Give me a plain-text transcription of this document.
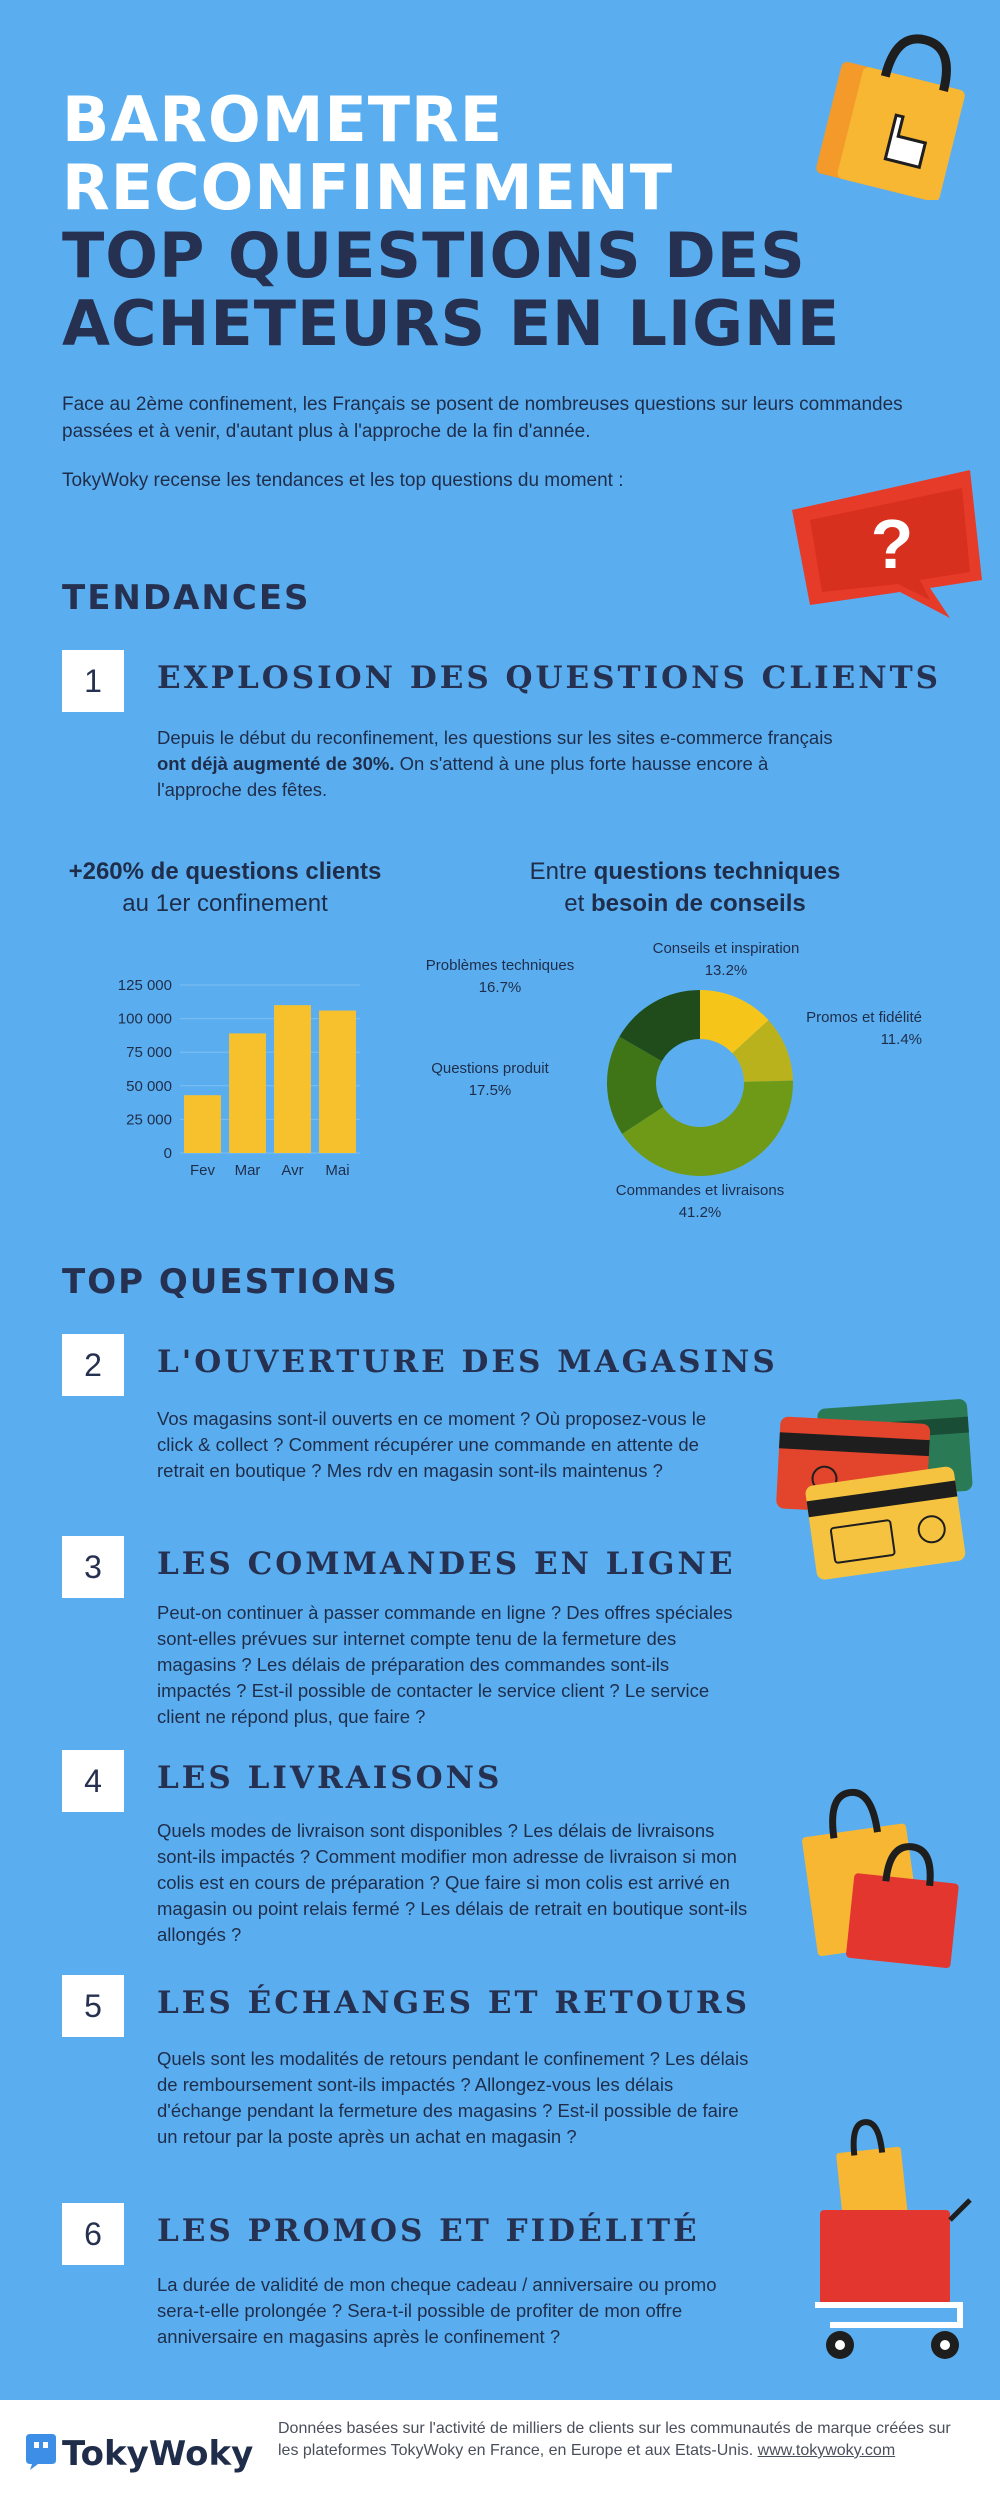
BAROMETRE
RECONFINEMENT
TOP QUESTIONS DES
ACHETEURS EN LIGNE
Face au 2ème confinement, les Français se posent de nombreuses questions sur leurs commandes passées et à venir, d'autant plus à l'approche de la fin d'année.
TokyWoky recense les tendances et les top questions du moment :
?
TENDANCES
1	EXPLOSION DES QUESTIONS CLIENTS
Depuis le début du reconfinement, les questions sur les sites e-commerce français ont déjà augmenté de 30%. On s'attend à une plus forte hausse encore à l'approche des fêtes.
+260% de questions clients
au 1er confinement
125 000
100 000
75 000
50 000
25 000
0
Fev Mar Avr Mai
Entre questions techniques
et besoin de conseils
Conseils et inspiration
13.2%
Promos et fidélité
11.4%
Commandes et livraisons
41.2%
Questions produit
17.5%
Problèmes techniques
16.7%
TOP QUESTIONS
2	L'OUVERTURE DES MAGASINS
Vos magasins sont-il ouverts en ce moment ? Où proposez-vous le click & collect ? Comment récupérer une commande en attente de retrait en boutique ? Mes rdv en magasin sont-ils maintenus ?
3	LES COMMANDES EN LIGNE
Peut-on continuer à passer commande en ligne ? Des offres spéciales sont-elles prévues sur internet compte tenu de la fermeture des magasins ? Les délais de préparation des commandes sont-ils impactés ? Est-il possible de contacter le service client ? Le service client ne répond plus, que faire ?
4	LES LIVRAISONS
Quels modes de livraison sont disponibles ? Les délais de livraisons sont-ils impactés ? Comment modifier mon adresse de livraison si mon colis est en cours de préparation ? Que faire si mon colis est arrivé en magasin ou point relais fermé ? Les délais de retrait en boutique sont-ils allongés ?
5	LES ÉCHANGES ET RETOURS
Quels sont les modalités de retours pendant le confinement ? Les délais de remboursement sont-ils impactés ? Allongez-vous les délais d'échange pendant la fermeture des magasins ? Est-il possible de faire un retour par la poste après un achat en magasin ?
6	LES PROMOS ET FIDÉLITÉ
La durée de validité de mon cheque cadeau / anniversaire ou promo sera-t-elle prolongée ? Sera-t-il possible de profiter de mon offre anniversaire en magasins après le confinement ?
TokyWoky
Données basées sur l'activité de milliers de clients sur les communautés de marque créées sur les plateformes TokyWoky en France, en Europe et aux Etats-Unis. www.tokywoky.com
